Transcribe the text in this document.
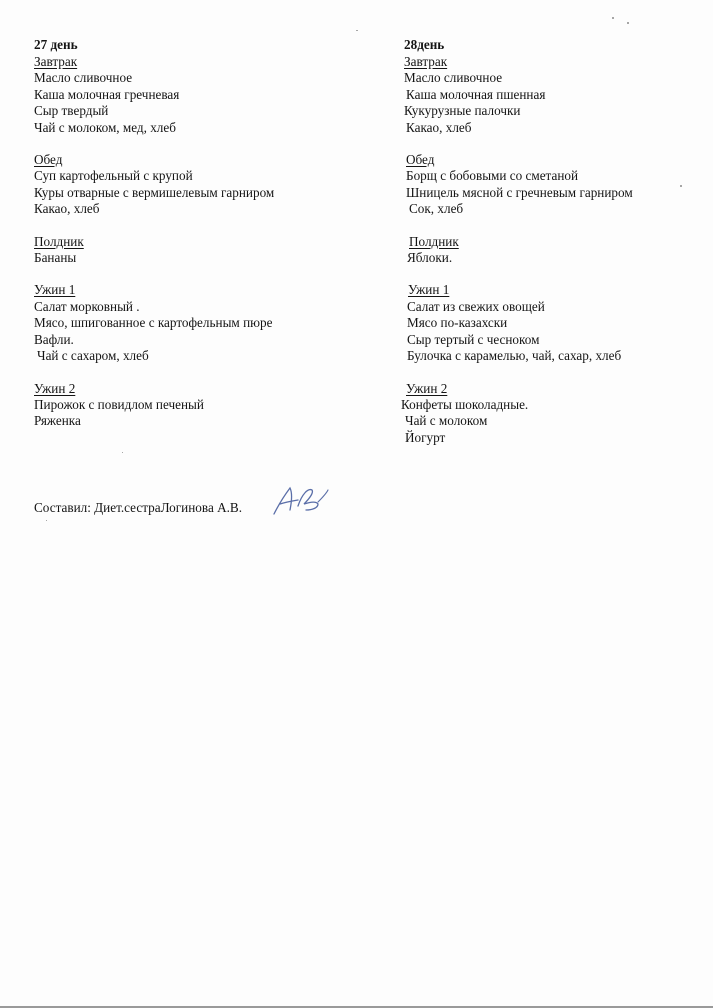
27 день
Завтрак
Масло сливочное
Каша молочная гречневая
Сыр твердый
Чай с молоком, мед, хлеб
Обед
Суп картофельный с крупой
Куры отварные с вермишелевым гарниром
Какао, хлеб
Полдник
Бананы
Ужин 1
Салат морковный .
Мясо, шпигованное с картофельным пюре
Вафли.
Чай с сахаром, хлеб
Ужин 2
Пирожок с повидлом печеный
Ряженка
28день
Завтрак
Масло сливочное
Каша молочная пшенная
Кукурузные палочки
Какао, хлеб
Обед
Борщ с бобовыми со сметаной
Шницель мясной с гречневым гарниром
Сок, хлеб
Полдник
Яблоки.
Ужин 1
Салат из свежих овощей
Мясо по-казахски
Сыр тертый с чесноком
Булочка с карамелью, чай, сахар, хлеб
Ужин 2
Конфеты шоколадные.
Чай с молоком
Йогурт
Составил: Диет.сестраЛогинова А.В.
